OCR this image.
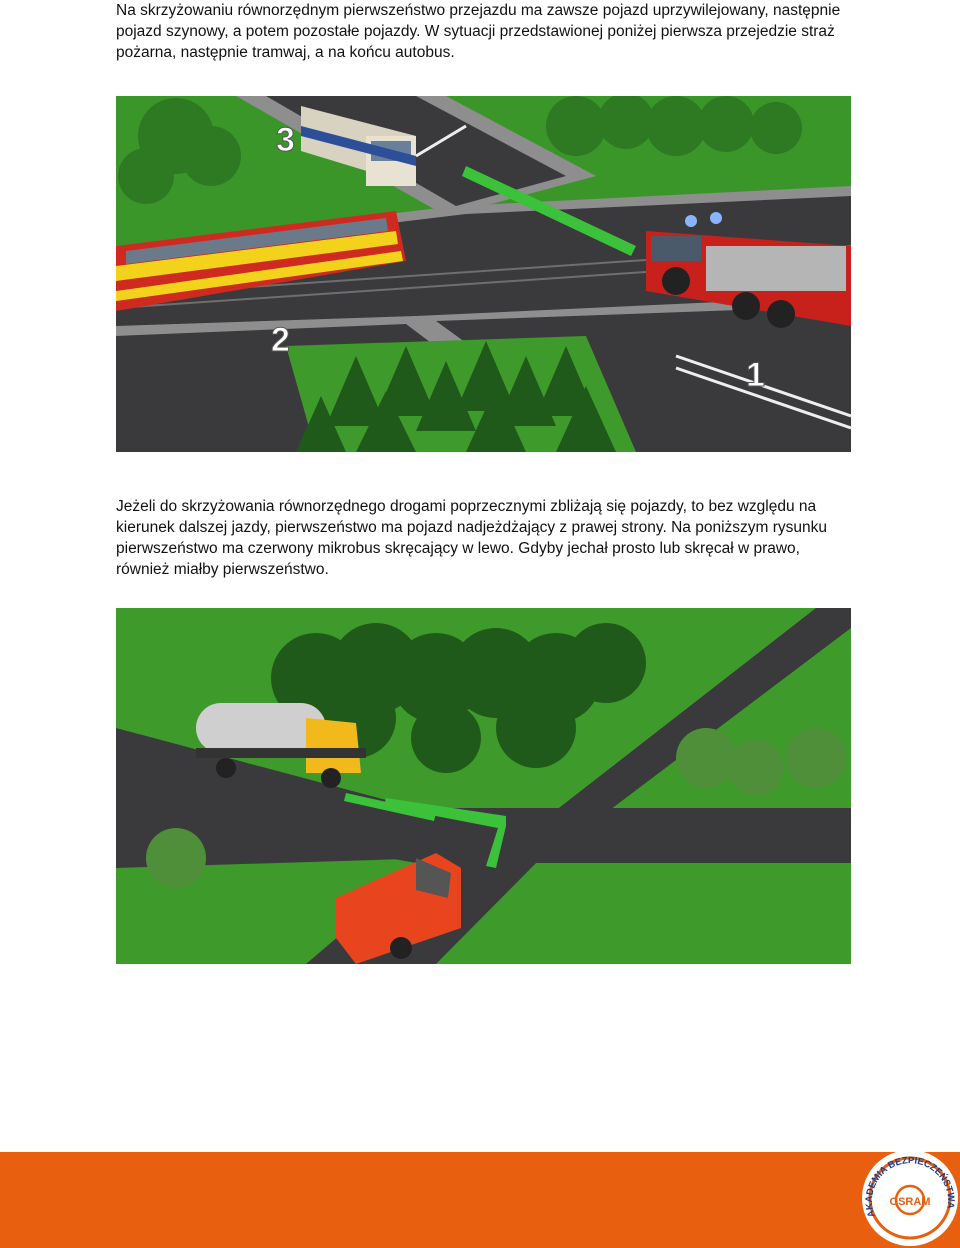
Na skrzyżowaniu równorzędnym pierwszeństwo przejazdu ma zawsze pojazd uprzywilejowany, następnie pojazd szynowy, a potem pozostałe pojazdy. W sytuacji przedstawionej poniżej pierwsza przejedzie straż pożarna, następnie tramwaj, a na końcu autobus.

3
2
1

Jeżeli do skrzyżowania równorzędnego drogami poprzecznymi zbliżają się pojazdy, to bez względu na kierunek dalszej jazdy, pierwszeństwo ma pojazd nadjeżdżający z prawej strony. Na poniższym rysunku pierwszeństwo ma czerwony mikrobus skręcający w lewo. Gdyby jechał prosto lub skręcał w prawo, również miałby pierwszeństwo.

AKADEMIA BEZPIECZEŃSTWA
OSRAM
